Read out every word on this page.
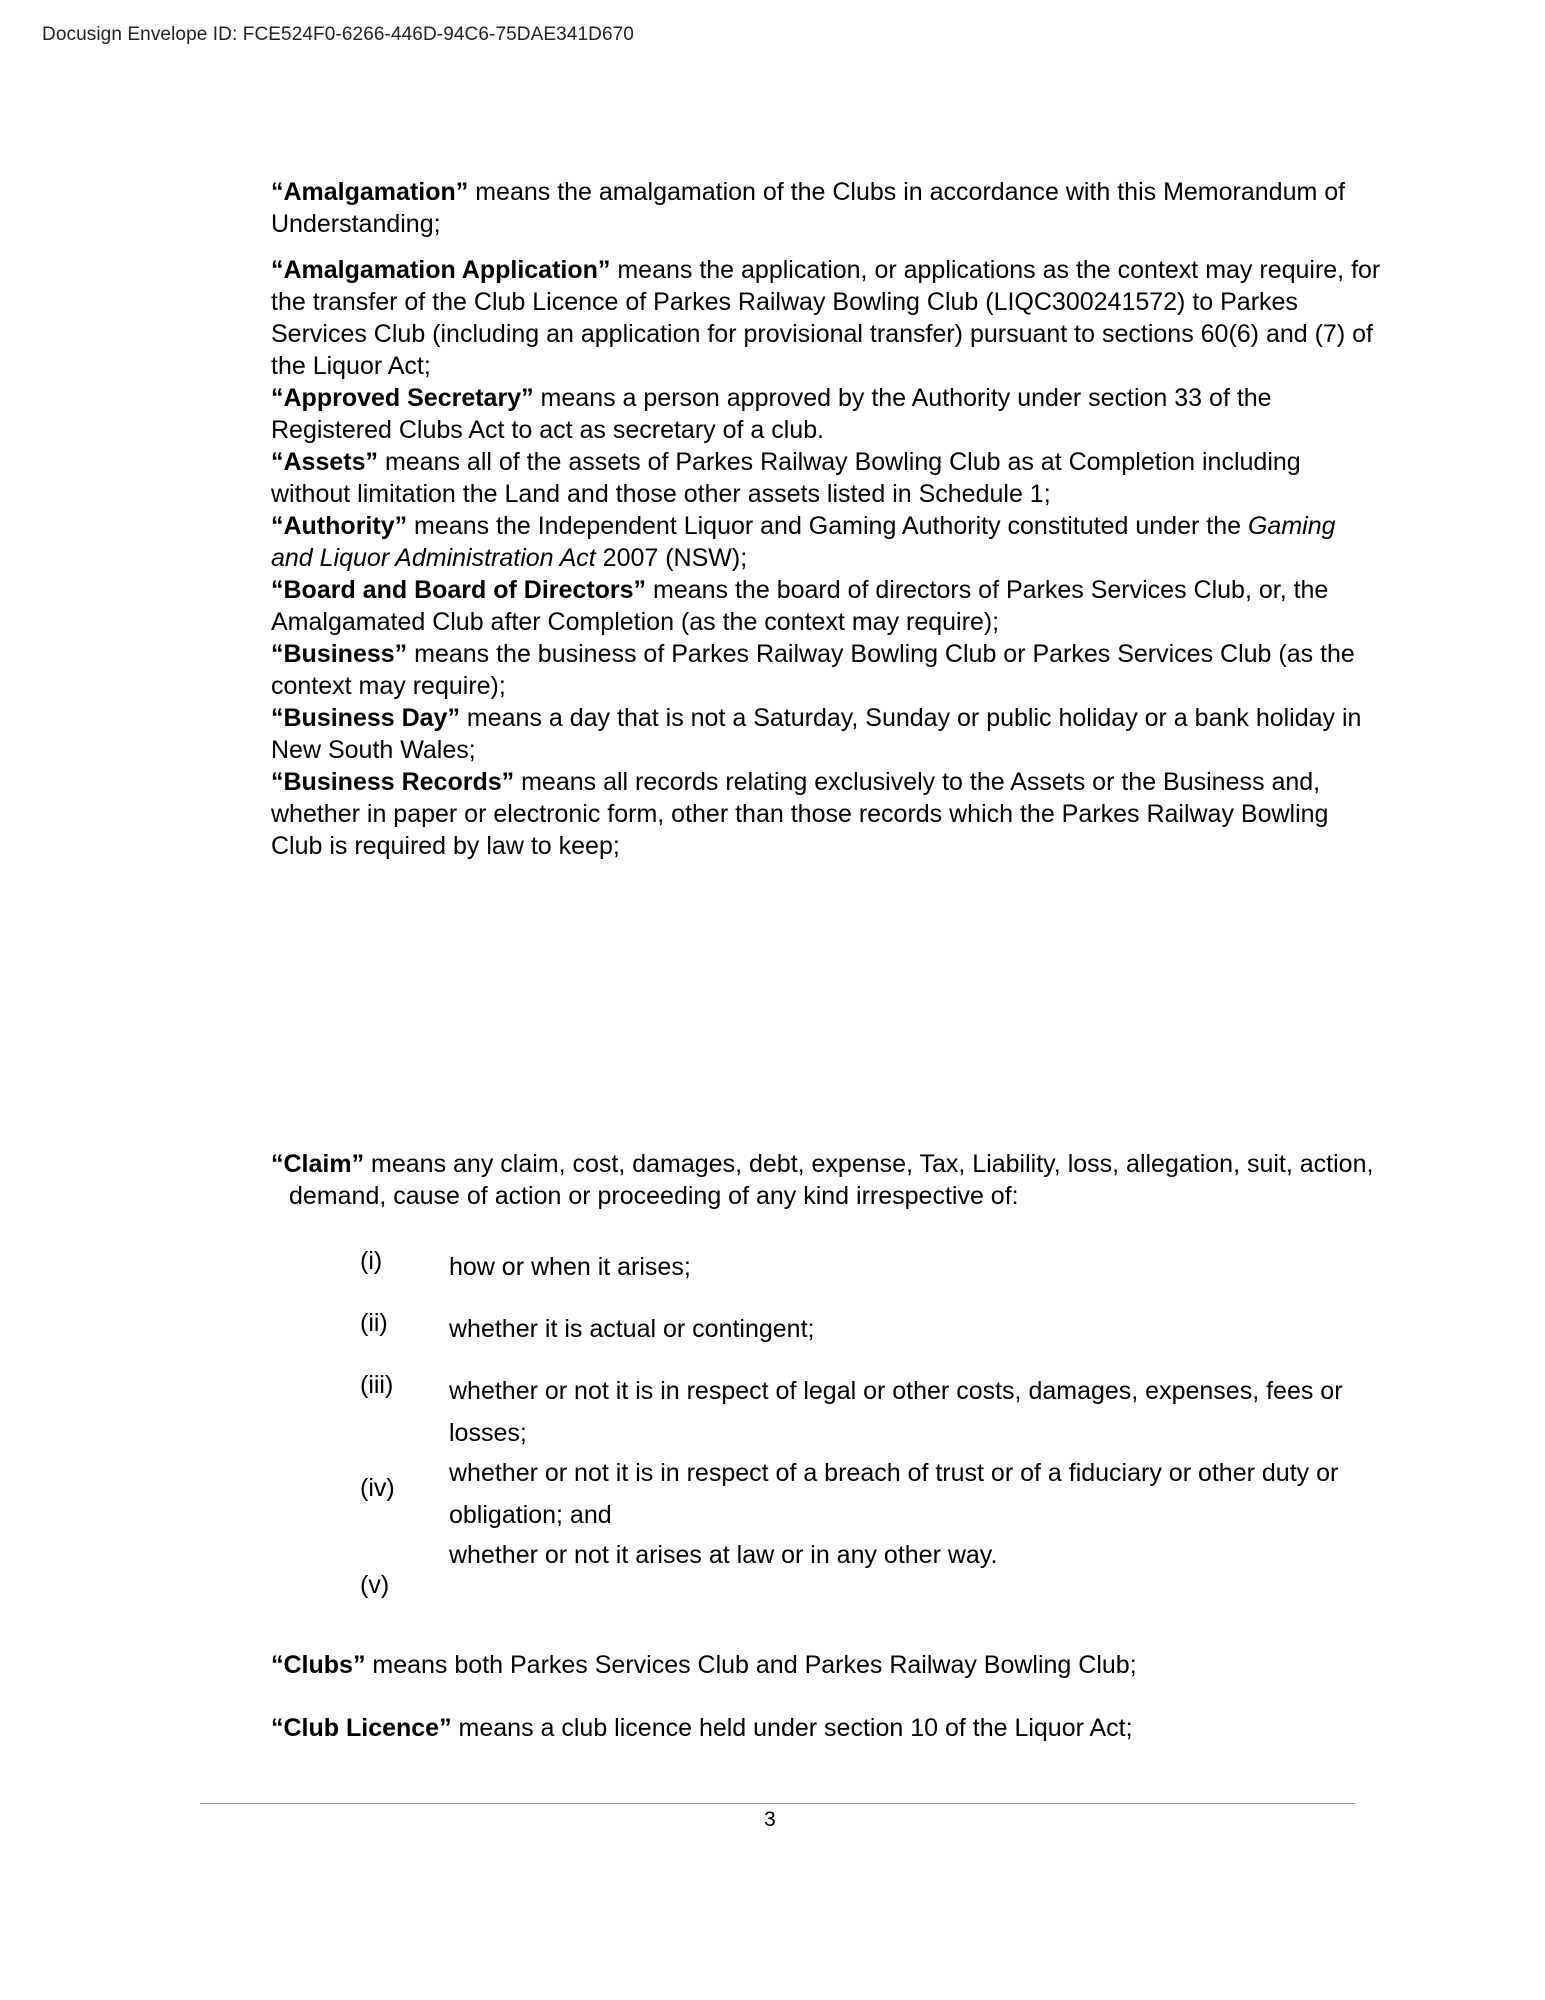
Docusign Envelope ID: FCE524F0-6266-446D-94C6-75DAE341D670

“Amalgamation” means the amalgamation of the Clubs in accordance with this Memorandum of Understanding;

“Amalgamation Application” means the application, or applications as the context may require, for the transfer of the Club Licence of Parkes Railway Bowling Club (LIQC300241572) to Parkes Services Club (including an application for provisional transfer) pursuant to sections 60(6) and (7) of the Liquor Act;

“Approved Secretary” means a person approved by the Authority under section 33 of the Registered Clubs Act to act as secretary of a club.

“Assets” means all of the assets of Parkes Railway Bowling Club as at Completion including without limitation the Land and those other assets listed in Schedule 1;

“Authority” means the Independent Liquor and Gaming Authority constituted under the Gaming and Liquor Administration Act 2007 (NSW);

“Board and Board of Directors” means the board of directors of Parkes Services Club, or, the Amalgamated Club after Completion (as the context may require);

“Business” means the business of Parkes Railway Bowling Club or Parkes Services Club (as the context may require);

“Business Day” means a day that is not a Saturday, Sunday or public holiday or a bank holiday in New South Wales;

“Business Records” means all records relating exclusively to the Assets or the Business and, whether in paper or electronic form, other than those records which the Parkes Railway Bowling Club is required by law to keep;

“Claim” means any claim, cost, damages, debt, expense, Tax, Liability, loss, allegation, suit, action,

demand, cause of action or proceeding of any kind irrespective of:

(i)	how or when it arises;
(ii) whether it is actual or contingent;
(iii) whether or not it is in respect of legal or other costs, damages, expenses, fees or losses;
(iv)
whether or not it is in respect of a breach of trust or of a fiduciary or other duty or obligation; and
(v)
whether or not it arises at law or in any other way.

“Clubs” means both Parkes Services Club and Parkes Railway Bowling Club;

“Club Licence” means a club licence held under section 10 of the Liquor Act;

3
